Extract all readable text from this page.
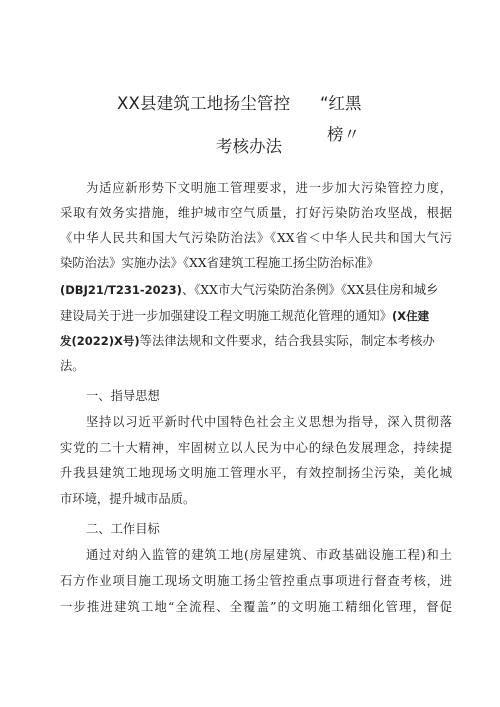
XX县建筑工地扬尘管控 “红黑
榜〃
考核办法
为适应新形势下文明施工管理要求，进一步加大污染管控力度，
采取有效务实措施，维护城市空气质量，打好污染防治攻坚战，根据
《中华人民共和国大气污染防治法》《XX省＜中华人民共和国大气污
染防治法》实施办法》《XX省建筑工程施工扬尘防治标准》
(DBJ21/T231-2023)、《XX市大气污染防治条例》《XX县住房和城乡
建设局关于进一步加强建设工程文明施工规范化管理的通知》(X住建
发(2022)X号)等法律法规和文件要求，结合我县实际，制定本考核办
法。
一、指导思想
坚持以习近平新时代中国特色社会主义思想为指导，深入贯彻落
实党的二十大精神，牢固树立以人民为中心的绿色发展理念，持续提
升我县建筑工地现场文明施工管理水平，有效控制扬尘污染，美化城
市环境，提升城市品质。
二、工作目标
通过对纳入监管的建筑工地(房屋建筑、市政基础设施工程)和土
石方作业项目施工现场文明施工扬尘管控重点事项进行督查考核，进
一步推进建筑工地“全流程、全覆盖”的文明施工精细化管理，督促
